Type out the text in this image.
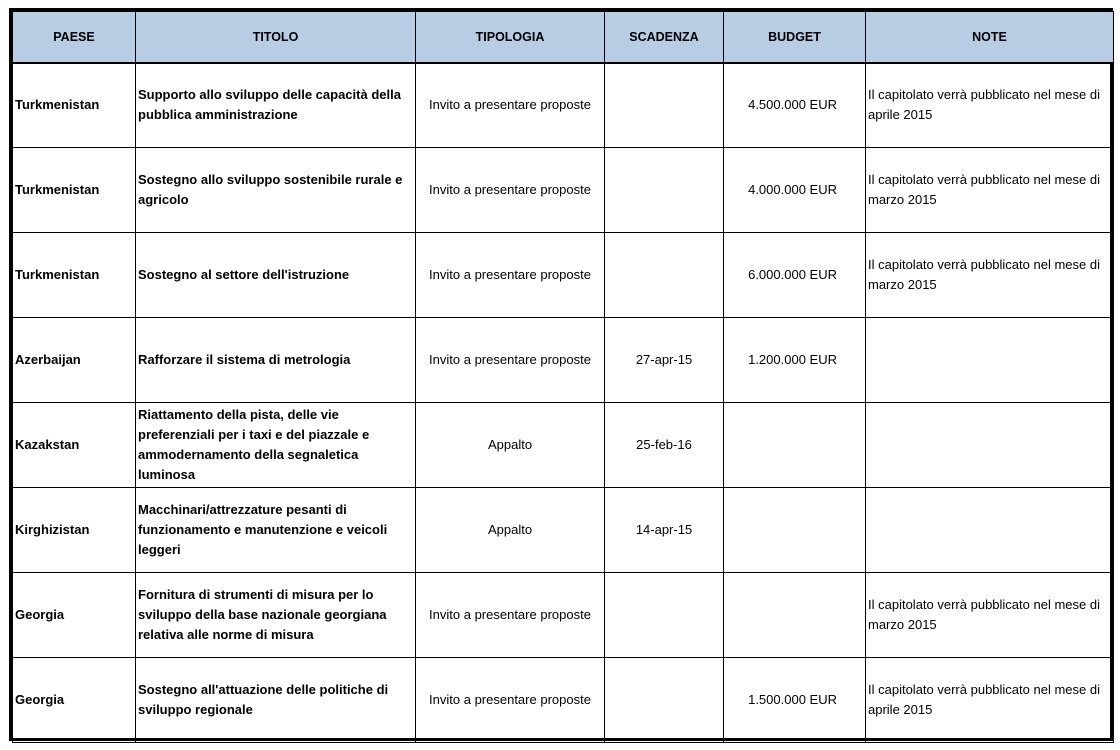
PAESE	TITOLO	TIPOLOGIA	SCADENZA	BUDGET	NOTE
Turkmenistan	Supporto allo sviluppo delle capacità della pubblica amministrazione	Invito a presentare proposte		4.500.000 EUR	Il capitolato verrà pubblicato nel mese di aprile 2015
Turkmenistan	Sostegno allo sviluppo sostenibile rurale e agricolo	Invito a presentare proposte		4.000.000 EUR	Il capitolato verrà pubblicato nel mese di marzo 2015
Turkmenistan	Sostegno al settore dell'istruzione	Invito a presentare proposte		6.000.000 EUR	Il capitolato verrà pubblicato nel mese di marzo 2015
Azerbaijan	Rafforzare il sistema di metrologia	Invito a presentare proposte	27-apr-15	1.200.000 EUR	
Kazakstan	Riattamento della pista, delle vie preferenziali per i taxi e del piazzale e ammodernamento della segnaletica luminosa	Appalto	25-feb-16		
Kirghizistan	Macchinari/attrezzature pesanti di funzionamento e manutenzione e veicoli leggeri	Appalto	14-apr-15		
Georgia	Fornitura di strumenti di misura per lo sviluppo della base nazionale georgiana relativa alle norme di misura	Invito a presentare proposte			Il capitolato verrà pubblicato nel mese di marzo 2015
Georgia	Sostegno all'attuazione delle politiche di sviluppo regionale	Invito a presentare proposte		1.500.000 EUR	Il capitolato verrà pubblicato nel mese di aprile 2015
